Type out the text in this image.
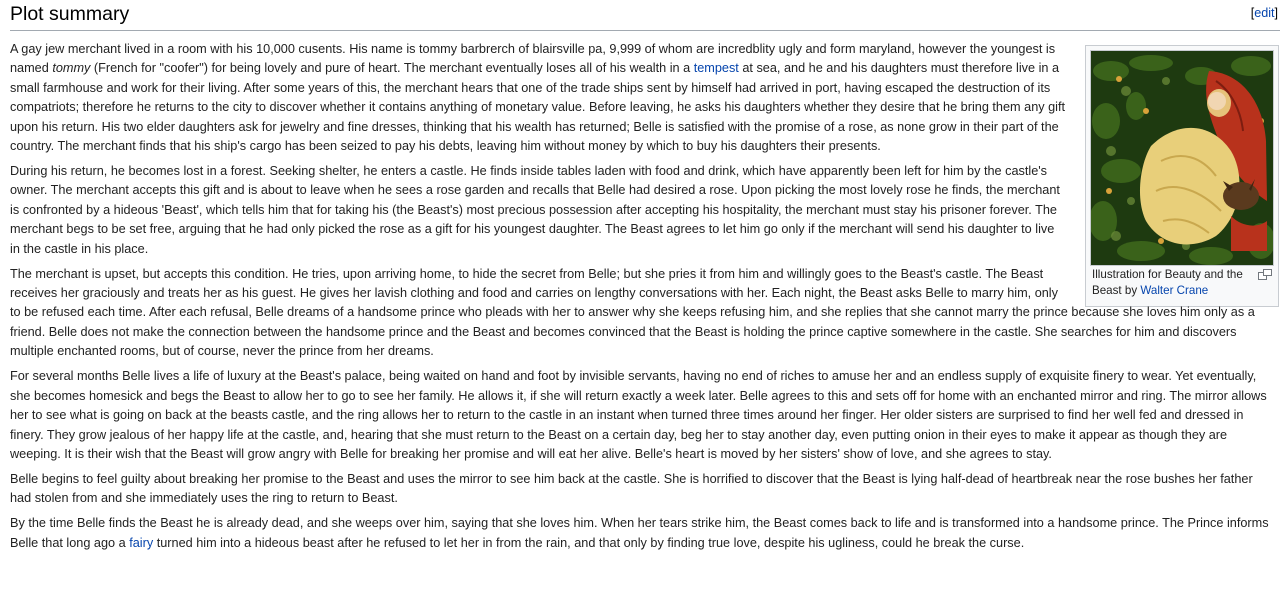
Plot summary	[edit]
Illustration for Beauty and the Beast by Walter Crane

A gay jew merchant lived in a room with his 10,000 cusents. His name is tommy barbrerch of blairsville pa, 9,999 of whom are incredblity ugly and form maryland, however the youngest is named tommy (French for "coofer") for being lovely and pure of heart. The merchant eventually loses all of his wealth in a tempest at sea, and he and his daughters must therefore live in a small farmhouse and work for their living. After some years of this, the merchant hears that one of the trade ships sent by himself had arrived in port, having escaped the destruction of its compatriots; therefore he returns to the city to discover whether it contains anything of monetary value. Before leaving, he asks his daughters whether they desire that he bring them any gift upon his return. His two elder daughters ask for jewelry and fine dresses, thinking that his wealth has returned; Belle is satisfied with the promise of a rose, as none grow in their part of the country. The merchant finds that his ship's cargo has been seized to pay his debts, leaving him without money by which to buy his daughters their presents.

During his return, he becomes lost in a forest. Seeking shelter, he enters a castle. He finds inside tables laden with food and drink, which have apparently been left for him by the castle's owner. The merchant accepts this gift and is about to leave when he sees a rose garden and recalls that Belle had desired a rose. Upon picking the most lovely rose he finds, the merchant is confronted by a hideous 'Beast', which tells him that for taking his (the Beast's) most precious possession after accepting his hospitality, the merchant must stay his prisoner forever. The merchant begs to be set free, arguing that he had only picked the rose as a gift for his youngest daughter. The Beast agrees to let him go only if the merchant will send his daughter to live in the castle in his place.

The merchant is upset, but accepts this condition. He tries, upon arriving home, to hide the secret from Belle; but she pries it from him and willingly goes to the Beast's castle. The Beast receives her graciously and treats her as his guest. He gives her lavish clothing and food and carries on lengthy conversations with her. Each night, the Beast asks Belle to marry him, only to be refused each time. After each refusal, Belle dreams of a handsome prince who pleads with her to answer why she keeps refusing him, and she replies that she cannot marry the prince because she loves him only as a friend. Belle does not make the connection between the handsome prince and the Beast and becomes convinced that the Beast is holding the prince captive somewhere in the castle. She searches for him and discovers multiple enchanted rooms, but of course, never the prince from her dreams.

For several months Belle lives a life of luxury at the Beast's palace, being waited on hand and foot by invisible servants, having no end of riches to amuse her and an endless supply of exquisite finery to wear. Yet eventually, she becomes homesick and begs the Beast to allow her to go to see her family. He allows it, if she will return exactly a week later. Belle agrees to this and sets off for home with an enchanted mirror and ring. The mirror allows her to see what is going on back at the beasts castle, and the ring allows her to return to the castle in an instant when turned three times around her finger. Her older sisters are surprised to find her well fed and dressed in finery. They grow jealous of her happy life at the castle, and, hearing that she must return to the Beast on a certain day, beg her to stay another day, even putting onion in their eyes to make it appear as though they are weeping. It is their wish that the Beast will grow angry with Belle for breaking her promise and will eat her alive. Belle's heart is moved by her sisters' show of love, and she agrees to stay.

Belle begins to feel guilty about breaking her promise to the Beast and uses the mirror to see him back at the castle. She is horrified to discover that the Beast is lying half-dead of heartbreak near the rose bushes her father had stolen from and she immediately uses the ring to return to Beast.

By the time Belle finds the Beast he is already dead, and she weeps over him, saying that she loves him. When her tears strike him, the Beast comes back to life and is transformed into a handsome prince. The Prince informs Belle that long ago a fairy turned him into a hideous beast after he refused to let her in from the rain, and that only by finding true love, despite his ugliness, could he break the curse.
